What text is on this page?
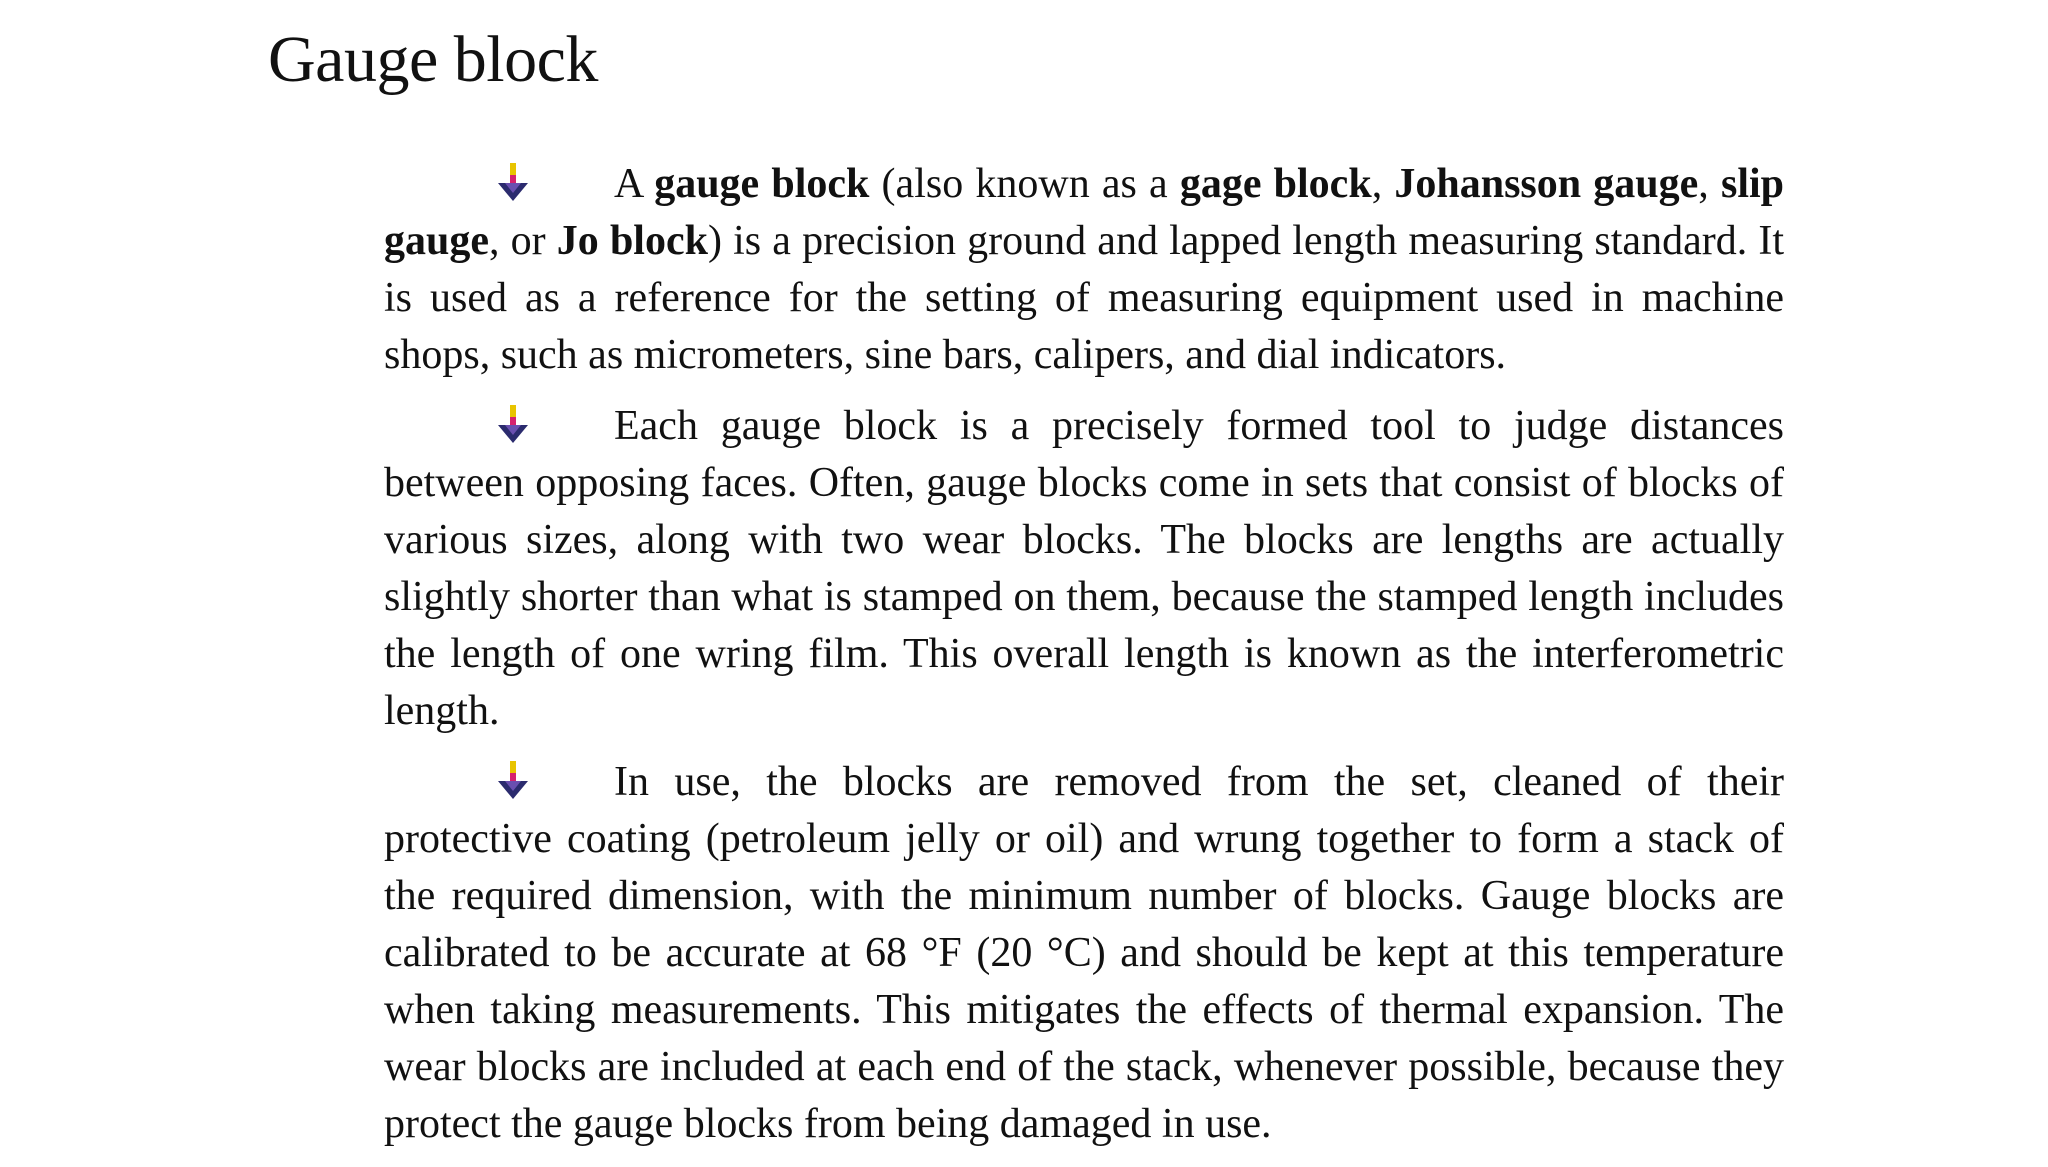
Gauge block

A gauge block (also known as a gage block, Johansson gauge, slip gauge, or Jo block) is a precision ground and lapped length measuring standard. It is used as a reference for the setting of measuring equipment used in machine shops, such as micrometers, sine bars, calipers, and dial indicators.

Each gauge block is a precisely formed tool to judge distances between opposing faces. Often, gauge blocks come in sets that consist of blocks of various sizes, along with two wear blocks. The blocks are lengths are actually slightly shorter than what is stamped on them, because the stamped length includes the length of one wring film. This overall length is known as the interferometric length.

In use, the blocks are removed from the set, cleaned of their protective coating (petroleum jelly or oil) and wrung together to form a stack of the required dimension, with the minimum number of blocks. Gauge blocks are calibrated to be accurate at 68 °F (20 °C) and should be kept at this temperature when taking measurements. This mitigates the effects of thermal expansion. The wear blocks are included at each end of the stack, whenever possible, because they protect the gauge blocks from being damaged in use.
